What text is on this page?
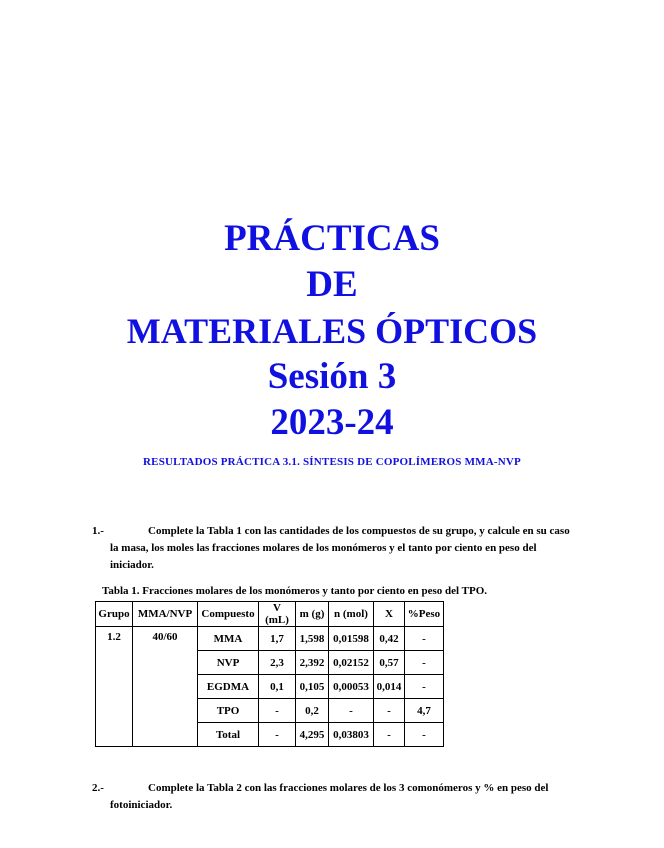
PRÁCTICAS
DE
MATERIALES ÓPTICOS
Sesión 3
2023-24
RESULTADOS PRÁCTICA 3.1. SÍNTESIS DE COPOLÍMEROS MMA-NVP
1.-	Complete la Tabla 1 con las cantidades de los compuestos de su grupo, y calcule en su caso la masa, los moles las fracciones molares de los monómeros y el tanto por ciento en peso del iniciador.
Tabla 1. Fracciones molares de los monómeros y tanto por ciento en peso del TPO.
Grupo	MMA/NVP	Compuesto	V (mL)	m (g)	n (mol)	X	%Peso
1.2	40/60	MMA	1,7	1,598	0,01598	0,42	-
		NVP	2,3	2,392	0,02152	0,57	-
		EGDMA	0,1	0,105	0,00053	0,014	-
		TPO	-	0,2	-	-	4,7
		Total	-	4,295	0,03803	-	-
2.-	Complete la Tabla 2 con las fracciones molares de los 3 comonómeros y % en peso del fotoiniciador.
